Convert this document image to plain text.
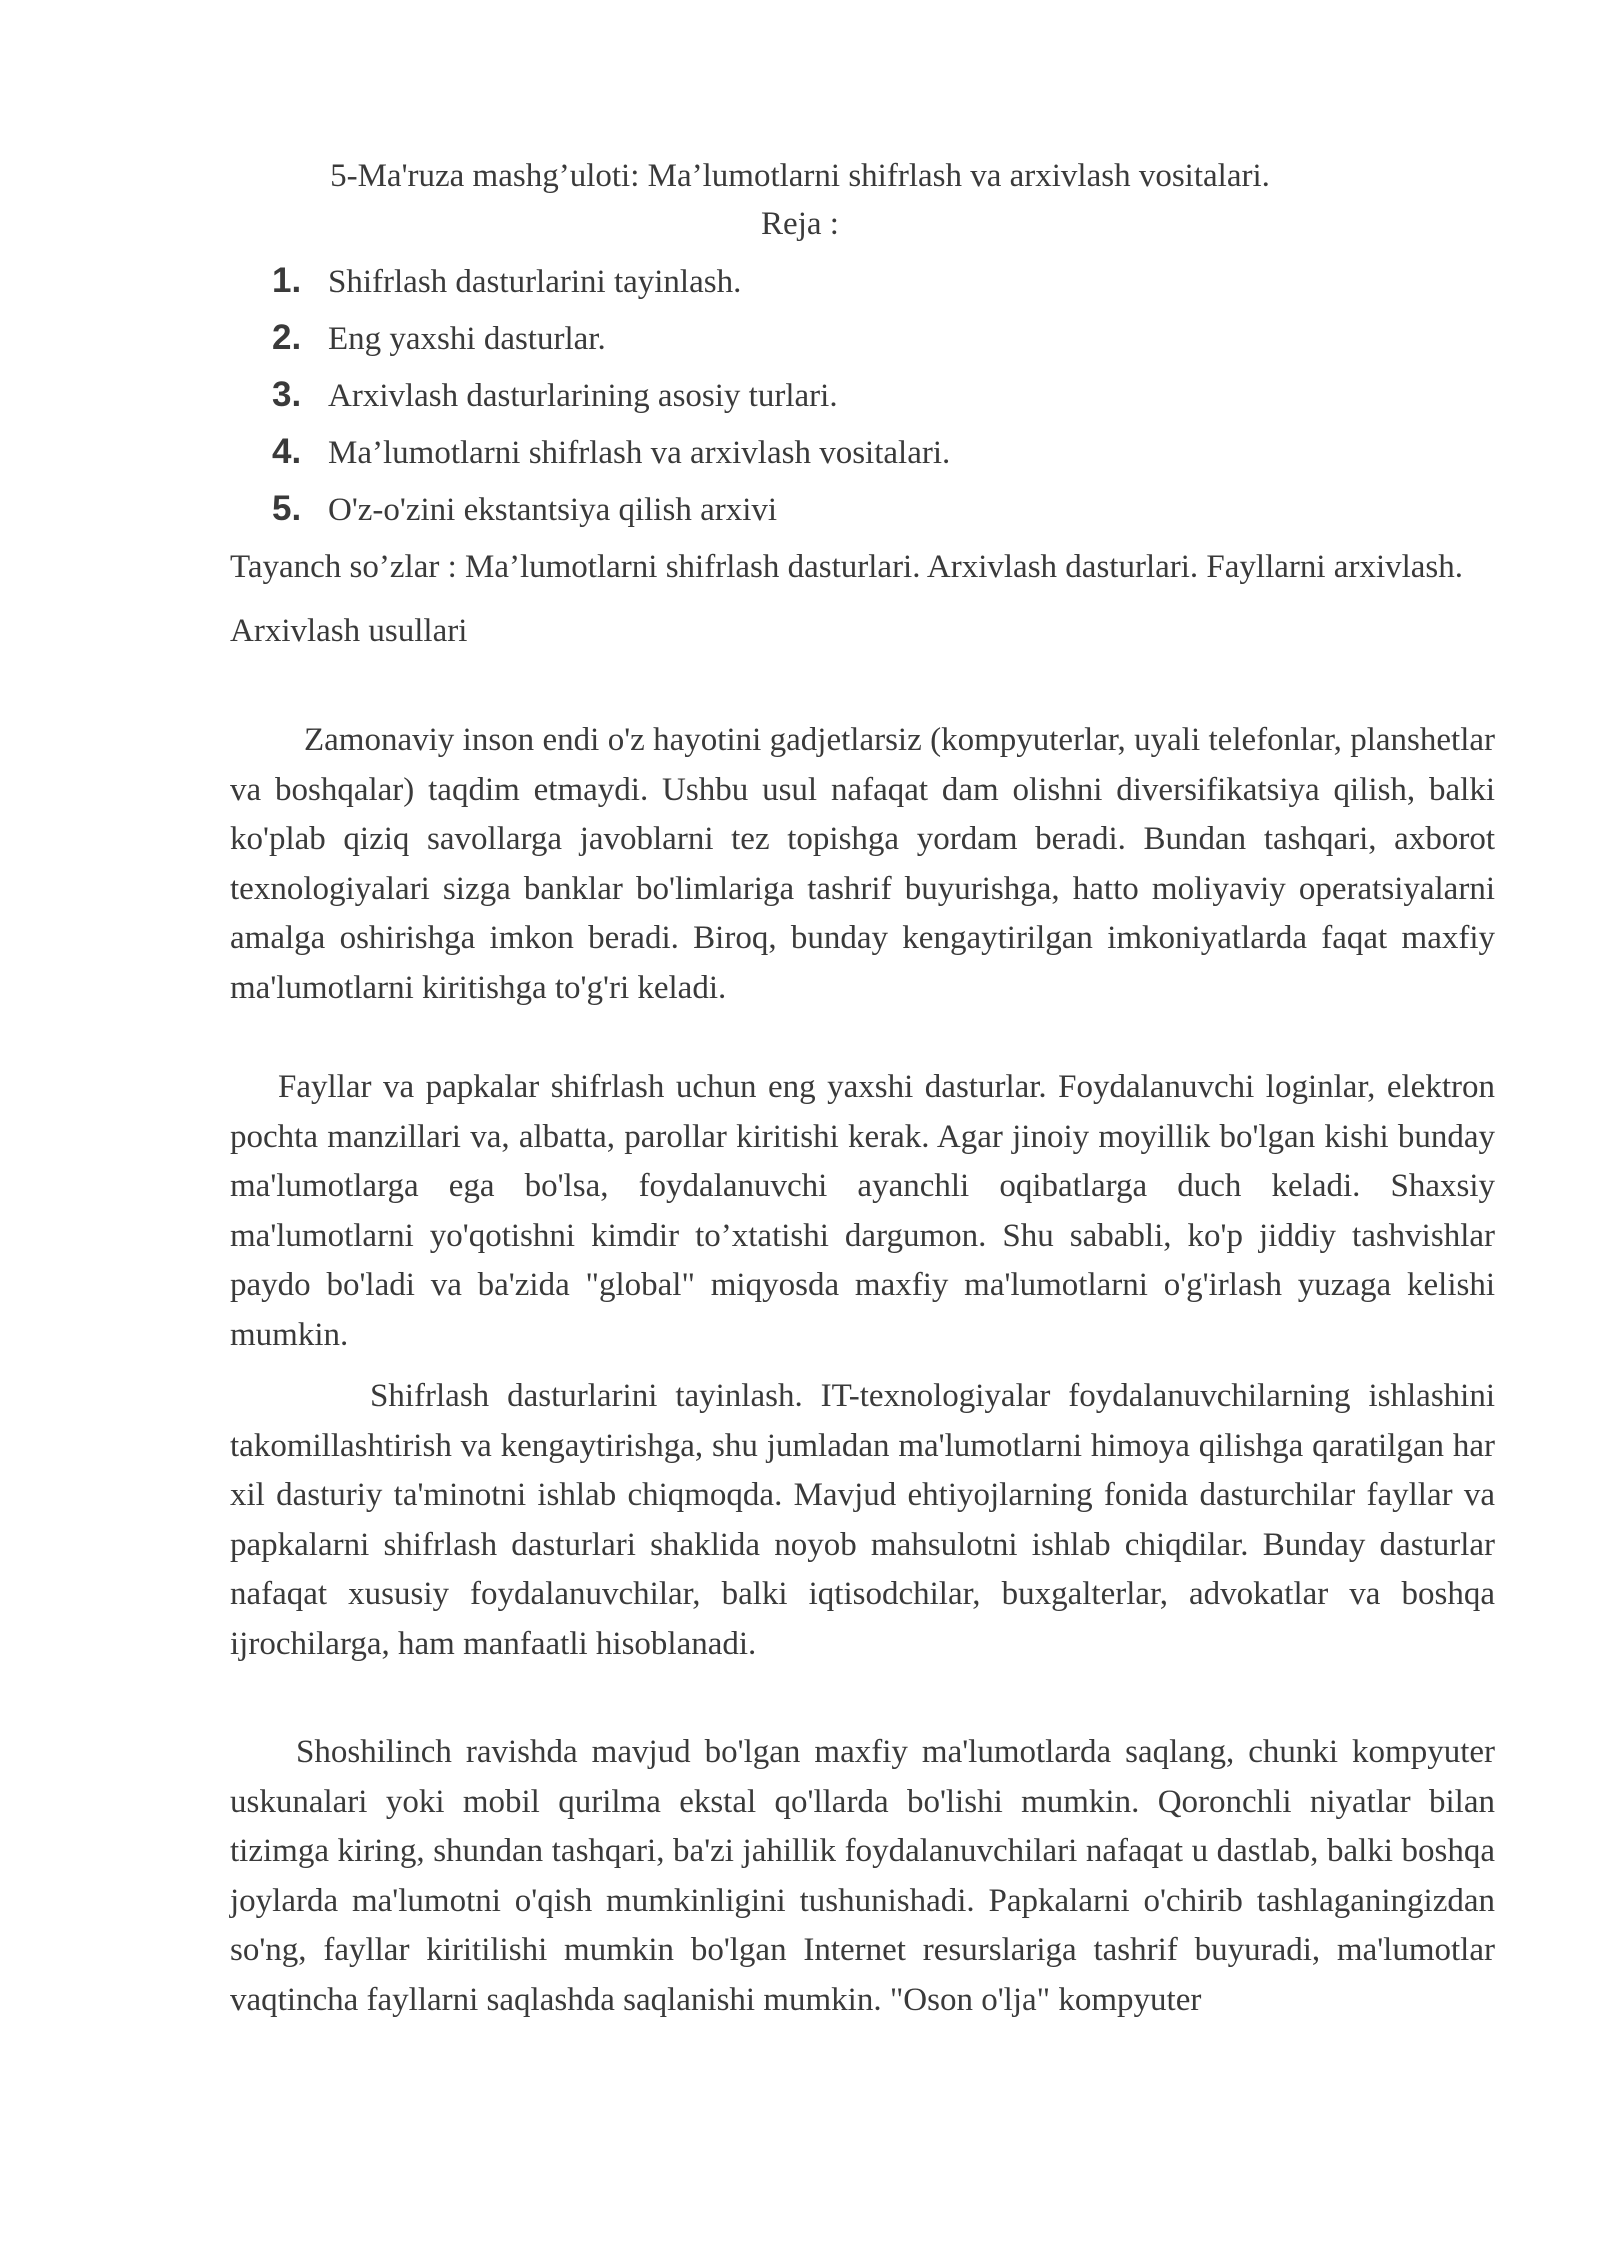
5-Ma'ruza mashg’uloti: Ma’lumotlarni shifrlash va arxivlash vositalari.
Reja :
1. Shifrlash dasturlarini tayinlash.
2. Eng yaxshi dasturlar.
3. Arxivlash dasturlarining asosiy turlari.
4. Ma’lumotlarni shifrlash va arxivlash vositalari.
5. O'z-o'zini ekstantsiya qilish arxivi

Tayanch so’zlar : Ma’lumotlarni shifrlash dasturlari. Arxivlash dasturlari. Fayllarni arxivlash. Arxivlash usullari

Zamonaviy inson endi o'z hayotini gadjetlarsiz (kompyuterlar, uyali telefonlar, planshetlar va boshqalar) taqdim etmaydi. Ushbu usul nafaqat dam olishni diversifikatsiya qilish, balki ko'plab qiziq savollarga javoblarni tez topishga yordam beradi. Bundan tashqari, axborot texnologiyalari sizga banklar bo'limlariga tashrif buyurishga, hatto moliyaviy operatsiyalarni amalga oshirishga imkon beradi. Biroq, bunday kengaytirilgan imkoniyatlarda faqat maxfiy ma'lumotlarni kiritishga to'g'ri keladi.

Fayllar va papkalar shifrlash uchun eng yaxshi dasturlar. Foydalanuvchi loginlar, elektron pochta manzillari va, albatta, parollar kiritishi kerak. Agar jinoiy moyillik bo'lgan kishi bunday ma'lumotlarga ega bo'lsa, foydalanuvchi ayanchli oqibatlarga duch keladi. Shaxsiy ma'lumotlarni yo'qotishni kimdir to’xtatishi dargumon. Shu sababli, ko'p jiddiy tashvishlar paydo bo'ladi va ba'zida "global" miqyosda maxfiy ma'lumotlarni o'g'irlash yuzaga kelishi mumkin.

Shifrlash dasturlarini tayinlash. IT-texnologiyalar foydalanuvchilarning ishlashini takomillashtirish va kengaytirishga, shu jumladan ma'lumotlarni himoya qilishga qaratilgan har xil dasturiy ta'minotni ishlab chiqmoqda. Mavjud ehtiyojlarning fonida dasturchilar fayllar va papkalarni shifrlash dasturlari shaklida noyob mahsulotni ishlab chiqdilar. Bunday dasturlar nafaqat xususiy foydalanuvchilar, balki iqtisodchilar, buxgalterlar, advokatlar va boshqa ijrochilarga, ham manfaatli hisoblanadi.

Shoshilinch ravishda mavjud bo'lgan maxfiy ma'lumotlarda saqlang, chunki kompyuter uskunalari yoki mobil qurilma ekstal qo'llarda bo'lishi mumkin. Qoronchli niyatlar bilan tizimga kiring, shundan tashqari, ba'zi jahillik foydalanuvchilari nafaqat u dastlab, balki boshqa joylarda ma'lumotni o'qish mumkinligini tushunishadi. Papkalarni o'chirib tashlaganingizdan so'ng, fayllar kiritilishi mumkin bo'lgan Internet resurslariga tashrif buyuradi, ma'lumotlar vaqtincha fayllarni saqlashda saqlanishi mumkin. "Oson o'lja" kompyuter
